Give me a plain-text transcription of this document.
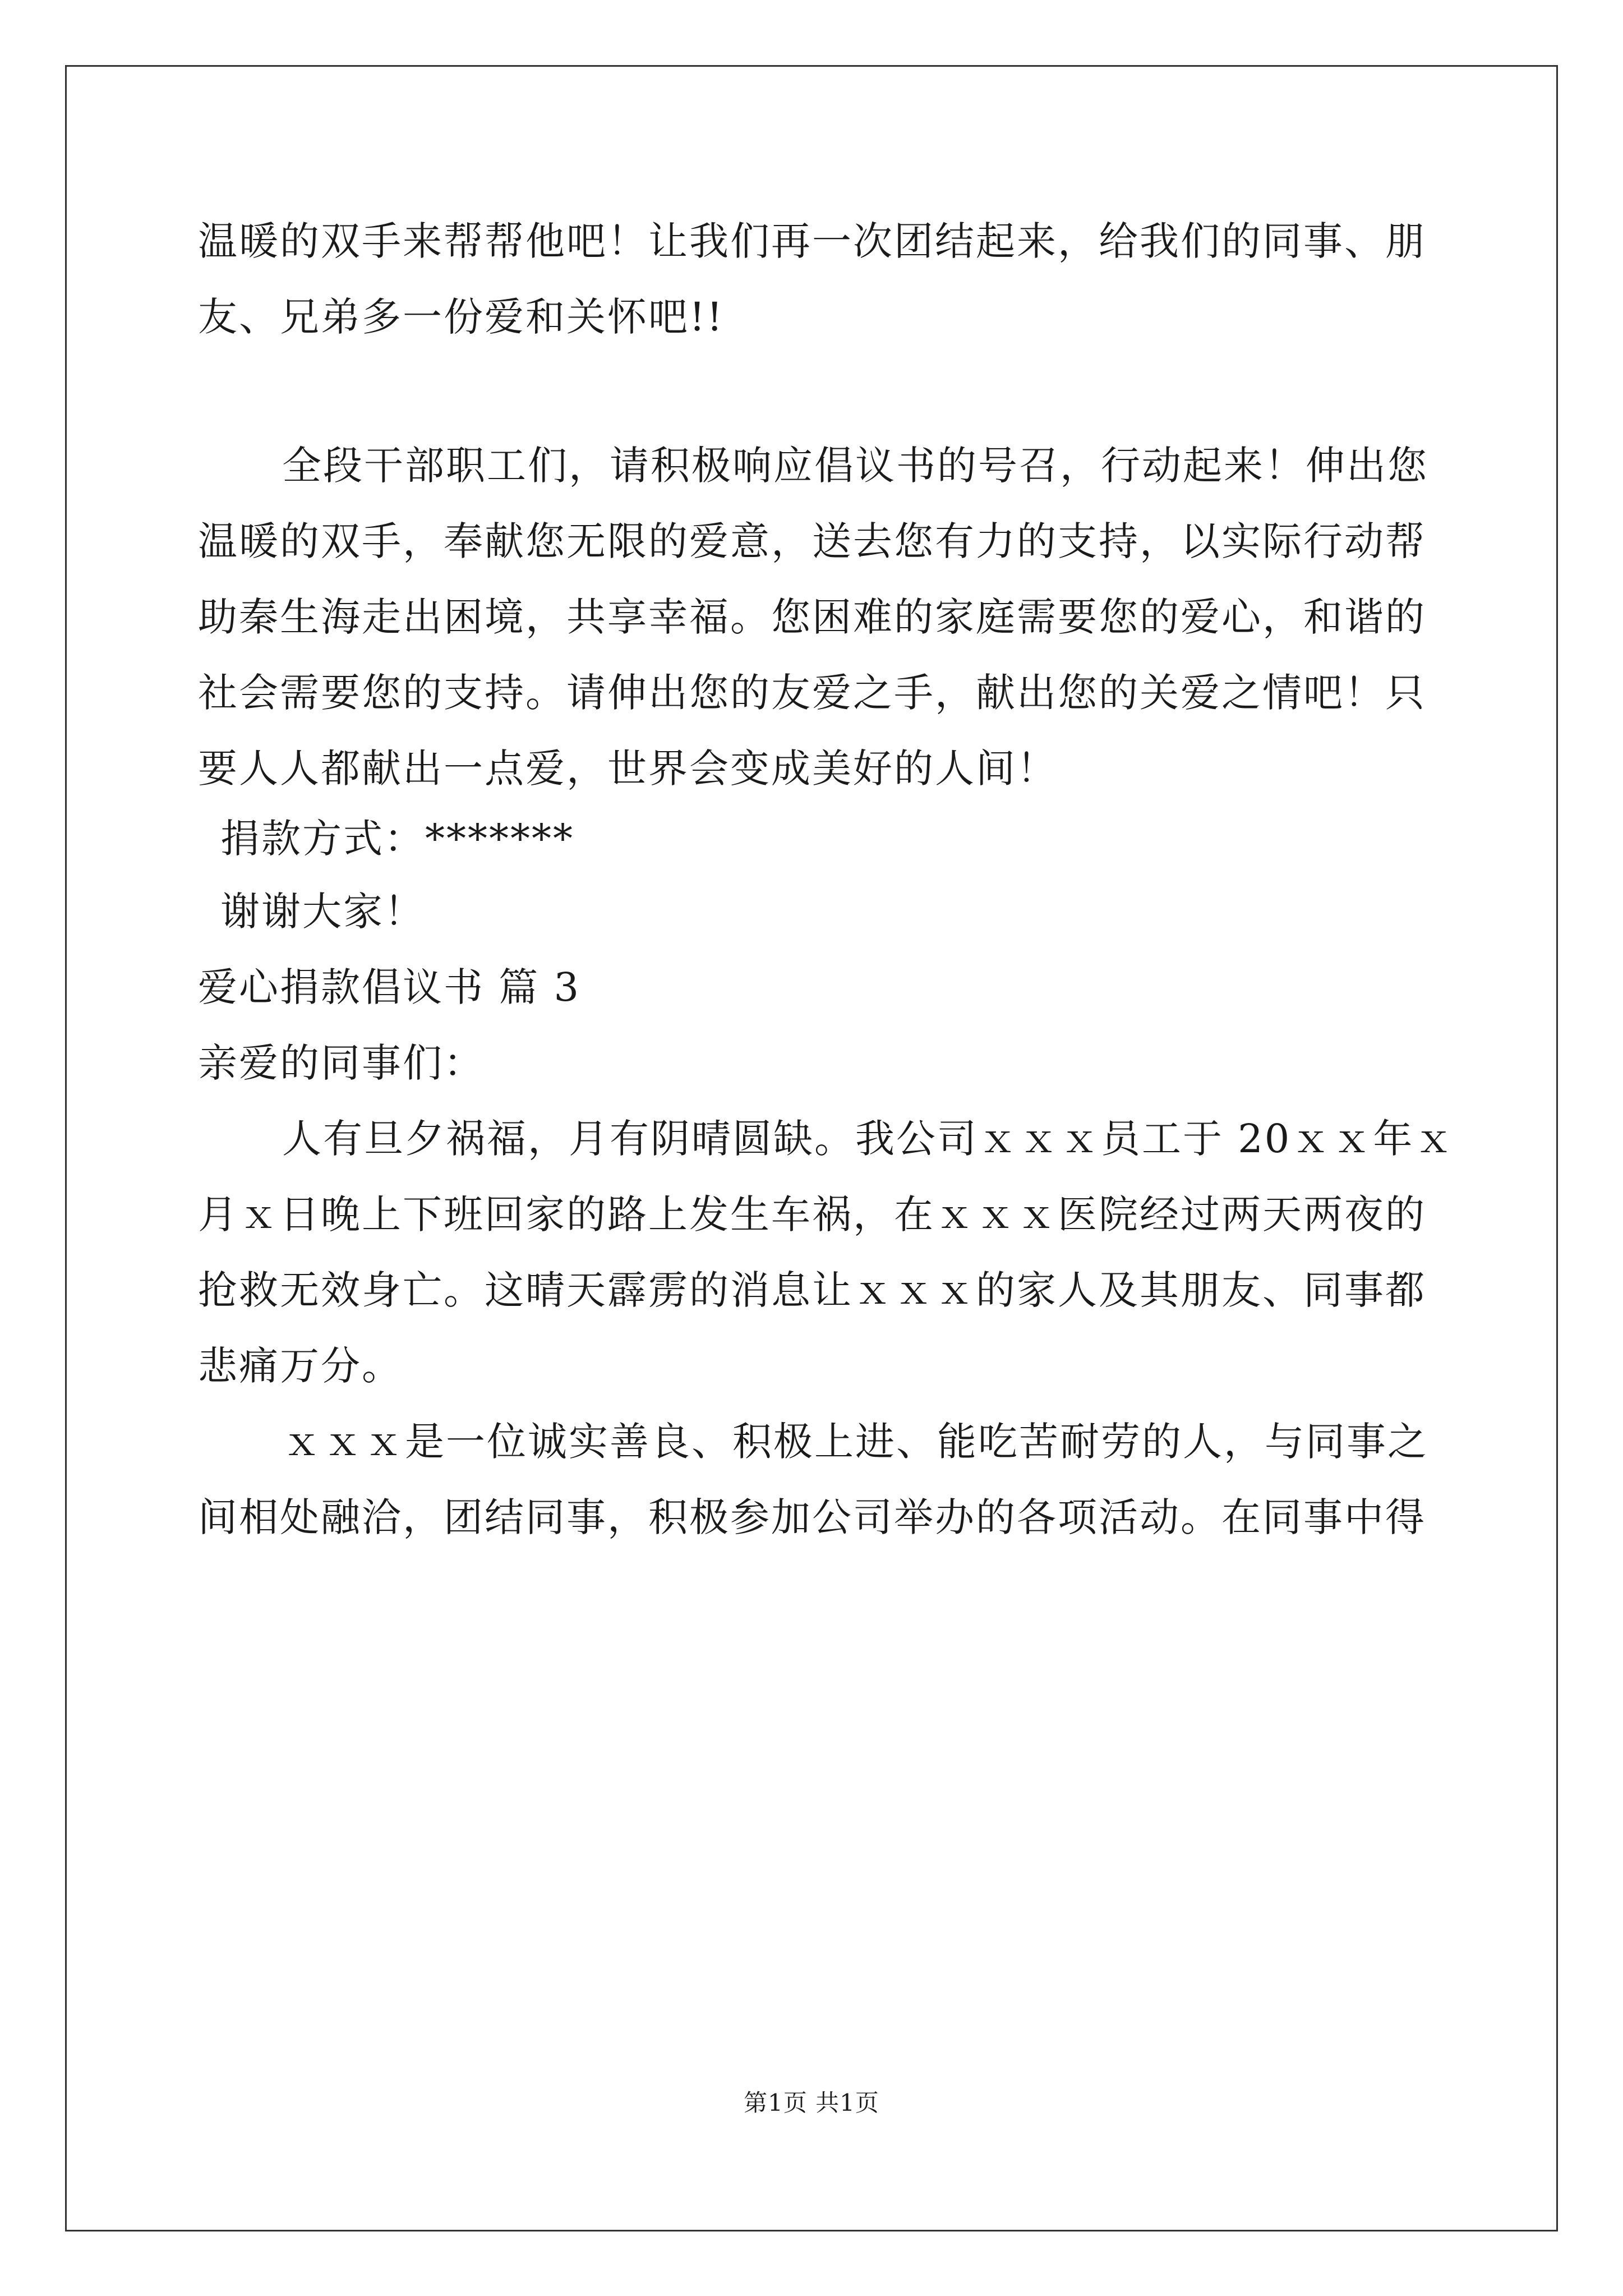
温暖的双手来帮帮他吧！让我们再一次团结起来，给我们的同事、朋

友、兄弟多一份爱和关怀吧!!

全段干部职工们，请积极响应倡议书的号召，行动起来！伸出您

温暖的双手，奉献您无限的爱意，送去您有力的支持，以实际行动帮

助秦生海走出困境，共享幸福。您困难的家庭需要您的爱心，和谐的

社会需要您的支持。请伸出您的友爱之手，献出您的关爱之情吧！只

要人人都献出一点爱，世界会变成美好的人间！

捐款方式：*******

谢谢大家！

爱心捐款倡议书 篇 3

亲爱的同事们：

人有旦夕祸福，月有阴晴圆缺。我公司ｘｘｘ员工于 20ｘｘ年ｘ

月ｘ日晚上下班回家的路上发生车祸，在ｘｘｘ医院经过两天两夜的

抢救无效身亡。这晴天霹雳的消息让ｘｘｘ的家人及其朋友、同事都

悲痛万分。

ｘｘｘ是一位诚实善良、积极上进、能吃苦耐劳的人，与同事之

间相处融洽，团结同事，积极参加公司举办的各项活动。在同事中得

第1页 共1页
